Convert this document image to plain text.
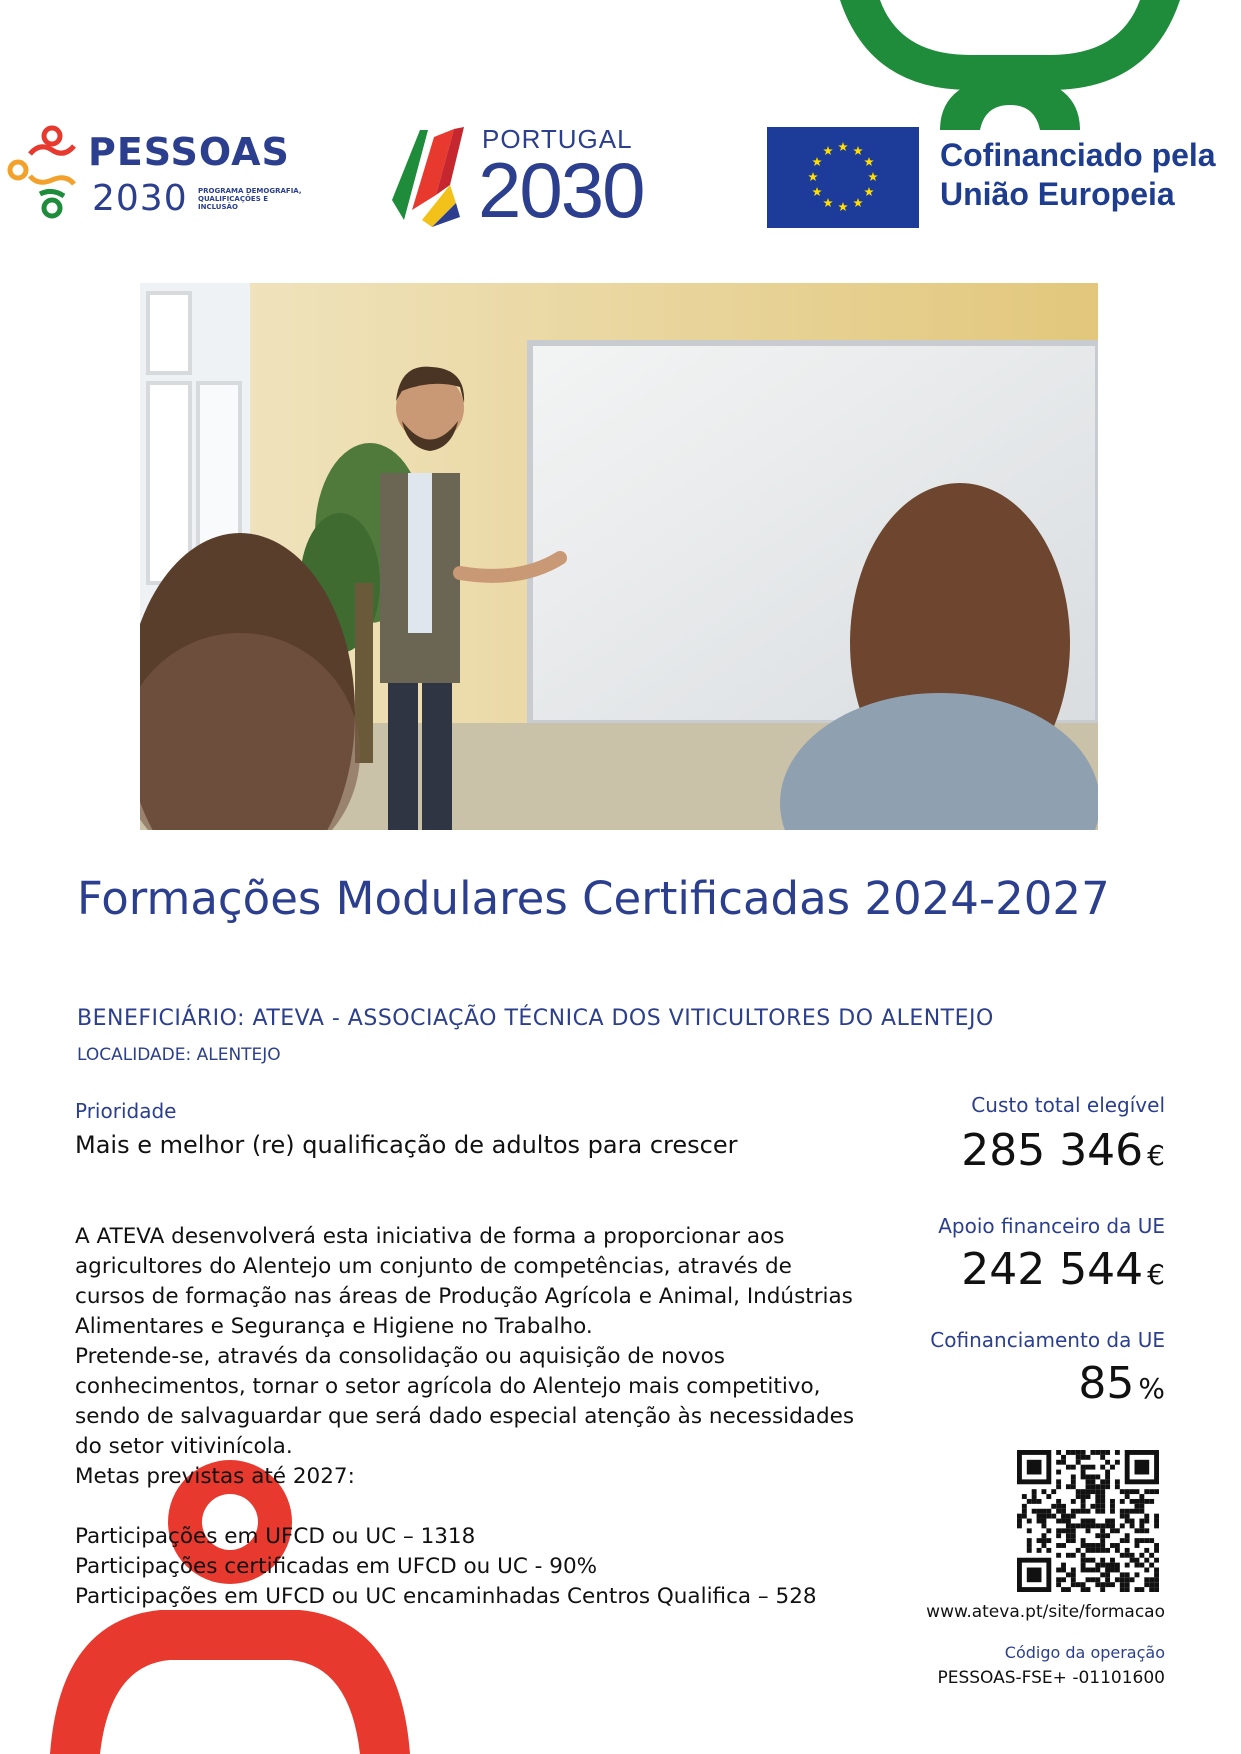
PESSOAS
2030 PROGRAMA DEMOGRAFIA, QUALIFICAÇÕES E INCLUSÃO
PORTUGAL
2030	Cofinanciado pela
União Europeia
Formações Modulares Certificadas 2024-2027
BENEFICIÁRIO: ATEVA - ASSOCIAÇÃO TÉCNICA DOS VITICULTORES DO ALENTEJO
LOCALIDADE: ALENTEJO
Prioridade
Mais e melhor (re) qualificação de adultos para crescer

A ATEVA desenvolverá esta iniciativa de forma a proporcionar aos agricultores do Alentejo um conjunto de competências, através de cursos de formação nas áreas de Produção Agrícola e Animal, Indústrias Alimentares e Segurança e Higiene no Trabalho.

Pretende-se, através da consolidação ou aquisição de novos conhecimentos, tornar o setor agrícola do Alentejo mais competitivo, sendo de salvaguardar que será dado especial atenção às necessidades do setor vitivinícola.

Metas previstas até 2027:

Participações em UFCD ou UC – 1318

Participações certificadas em UFCD ou UC - 90%

Participações em UFCD ou UC encaminhadas Centros Qualifica – 528

Custo total elegível
285 346 €
Apoio financeiro da UE
242 544 €
Cofinanciamento da UE
85 %
www.ateva.pt/site/formacao
Código da operação
PESSOAS-FSE+ -01101600
